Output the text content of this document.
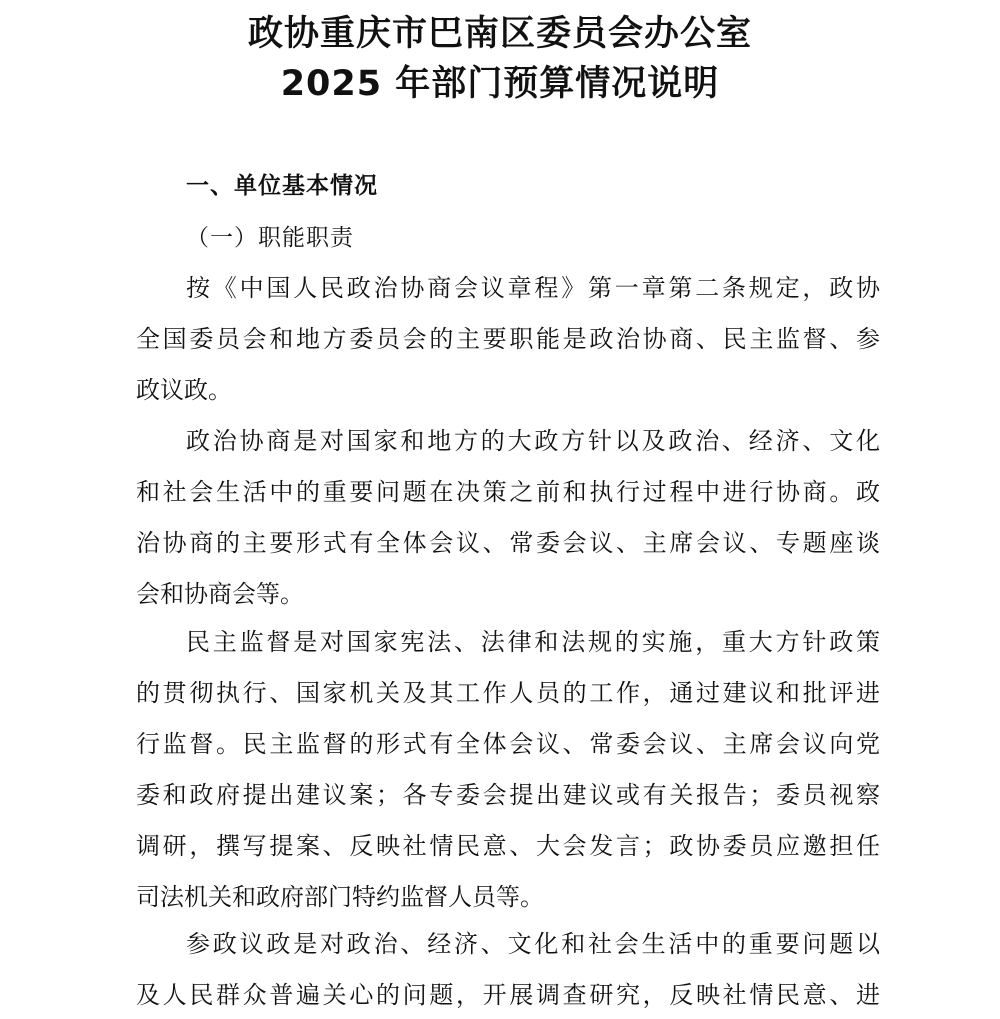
政协重庆市巴南区委员会办公室
2025 年部门预算情况说明
一、单位基本情况
（一）职能职责
按《中国人民政治协商会议章程》第一章第二条规定，政协
全国委员会和地方委员会的主要职能是政治协商、民主监督、参
政议政。
政治协商是对国家和地方的大政方针以及政治、经济、文化
和社会生活中的重要问题在决策之前和执行过程中进行协商。政
治协商的主要形式有全体会议、常委会议、主席会议、专题座谈
会和协商会等。
民主监督是对国家宪法、法律和法规的实施，重大方针政策
的贯彻执行、国家机关及其工作人员的工作，通过建议和批评进
行监督。民主监督的形式有全体会议、常委会议、主席会议向党
委和政府提出建议案；各专委会提出建议或有关报告；委员视察
调研，撰写提案、反映社情民意、大会发言；政协委员应邀担任
司法机关和政府部门特约监督人员等。
参政议政是对政治、经济、文化和社会生活中的重要问题以
及人民群众普遍关心的问题，开展调查研究，反映社情民意、进
